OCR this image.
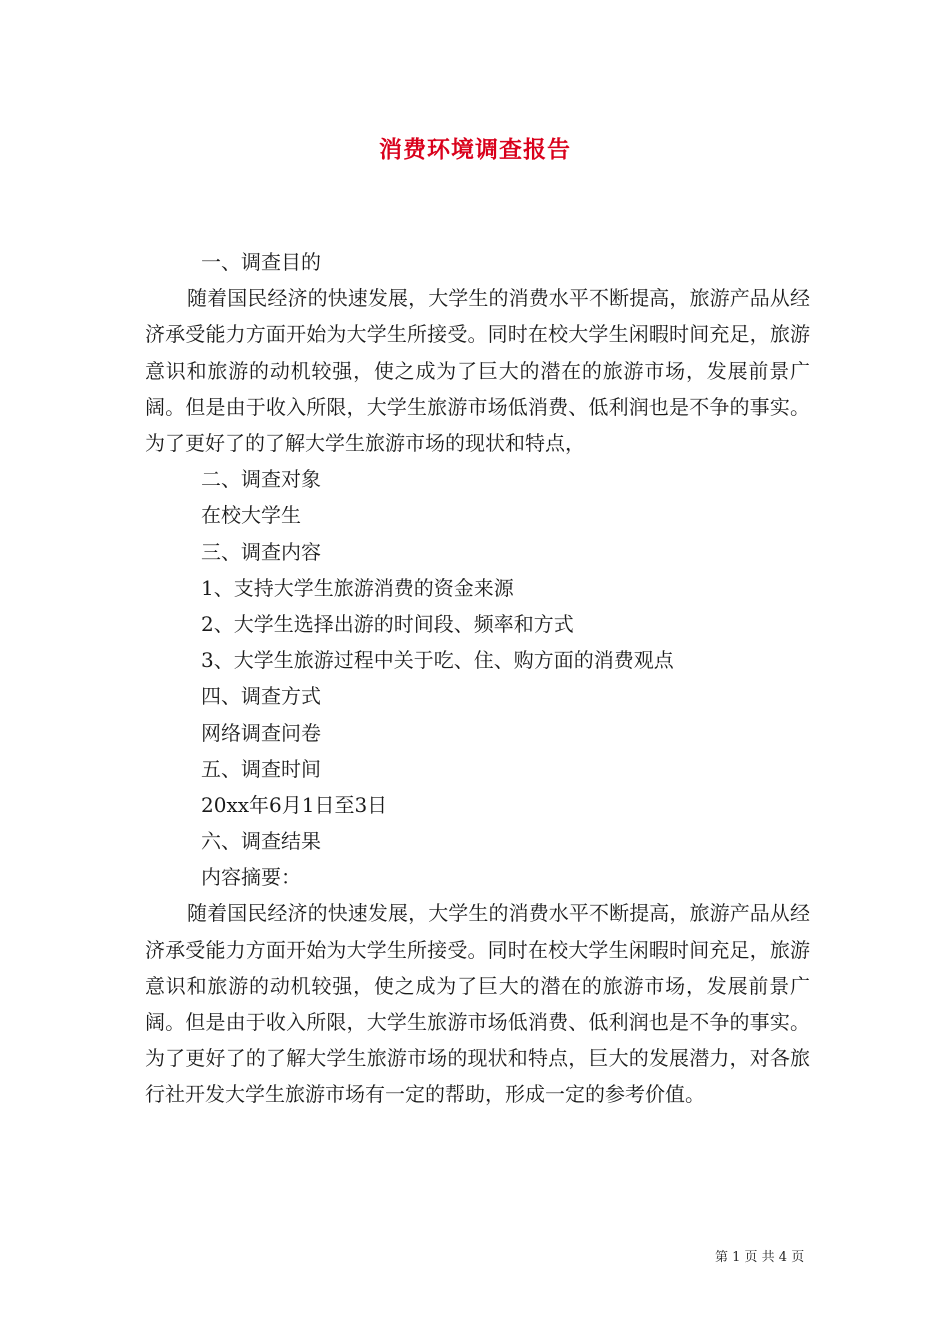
消费环境调查报告

一、调查目的

随着国民经济的快速发展，大学生的消费水平不断提高，旅游产品从经济承受能力方面开始为大学生所接受。同时在校大学生闲暇时间充足，旅游意识和旅游的动机较强，使之成为了巨大的潜在的旅游市场，发展前景广阔。但是由于收入所限，大学生旅游市场低消费、低利润也是不争的事实。为了更好了的了解大学生旅游市场的现状和特点，

二、调查对象

在校大学生

三、调查内容

1、支持大学生旅游消费的资金来源

2、大学生选择出游的时间段、频率和方式

3、大学生旅游过程中关于吃、住、购方面的消费观点

四、调查方式

网络调查问卷

五、调查时间

20xx年6月1日至3日

六、调查结果

内容摘要：

随着国民经济的快速发展，大学生的消费水平不断提高，旅游产品从经济承受能力方面开始为大学生所接受。同时在校大学生闲暇时间充足，旅游意识和旅游的动机较强，使之成为了巨大的潜在的旅游市场，发展前景广阔。但是由于收入所限，大学生旅游市场低消费、低利润也是不争的事实。为了更好了的了解大学生旅游市场的现状和特点，巨大的发展潜力，对各旅行社开发大学生旅游市场有一定的帮助，形成一定的参考价值。

第 1 页 共 4 页
